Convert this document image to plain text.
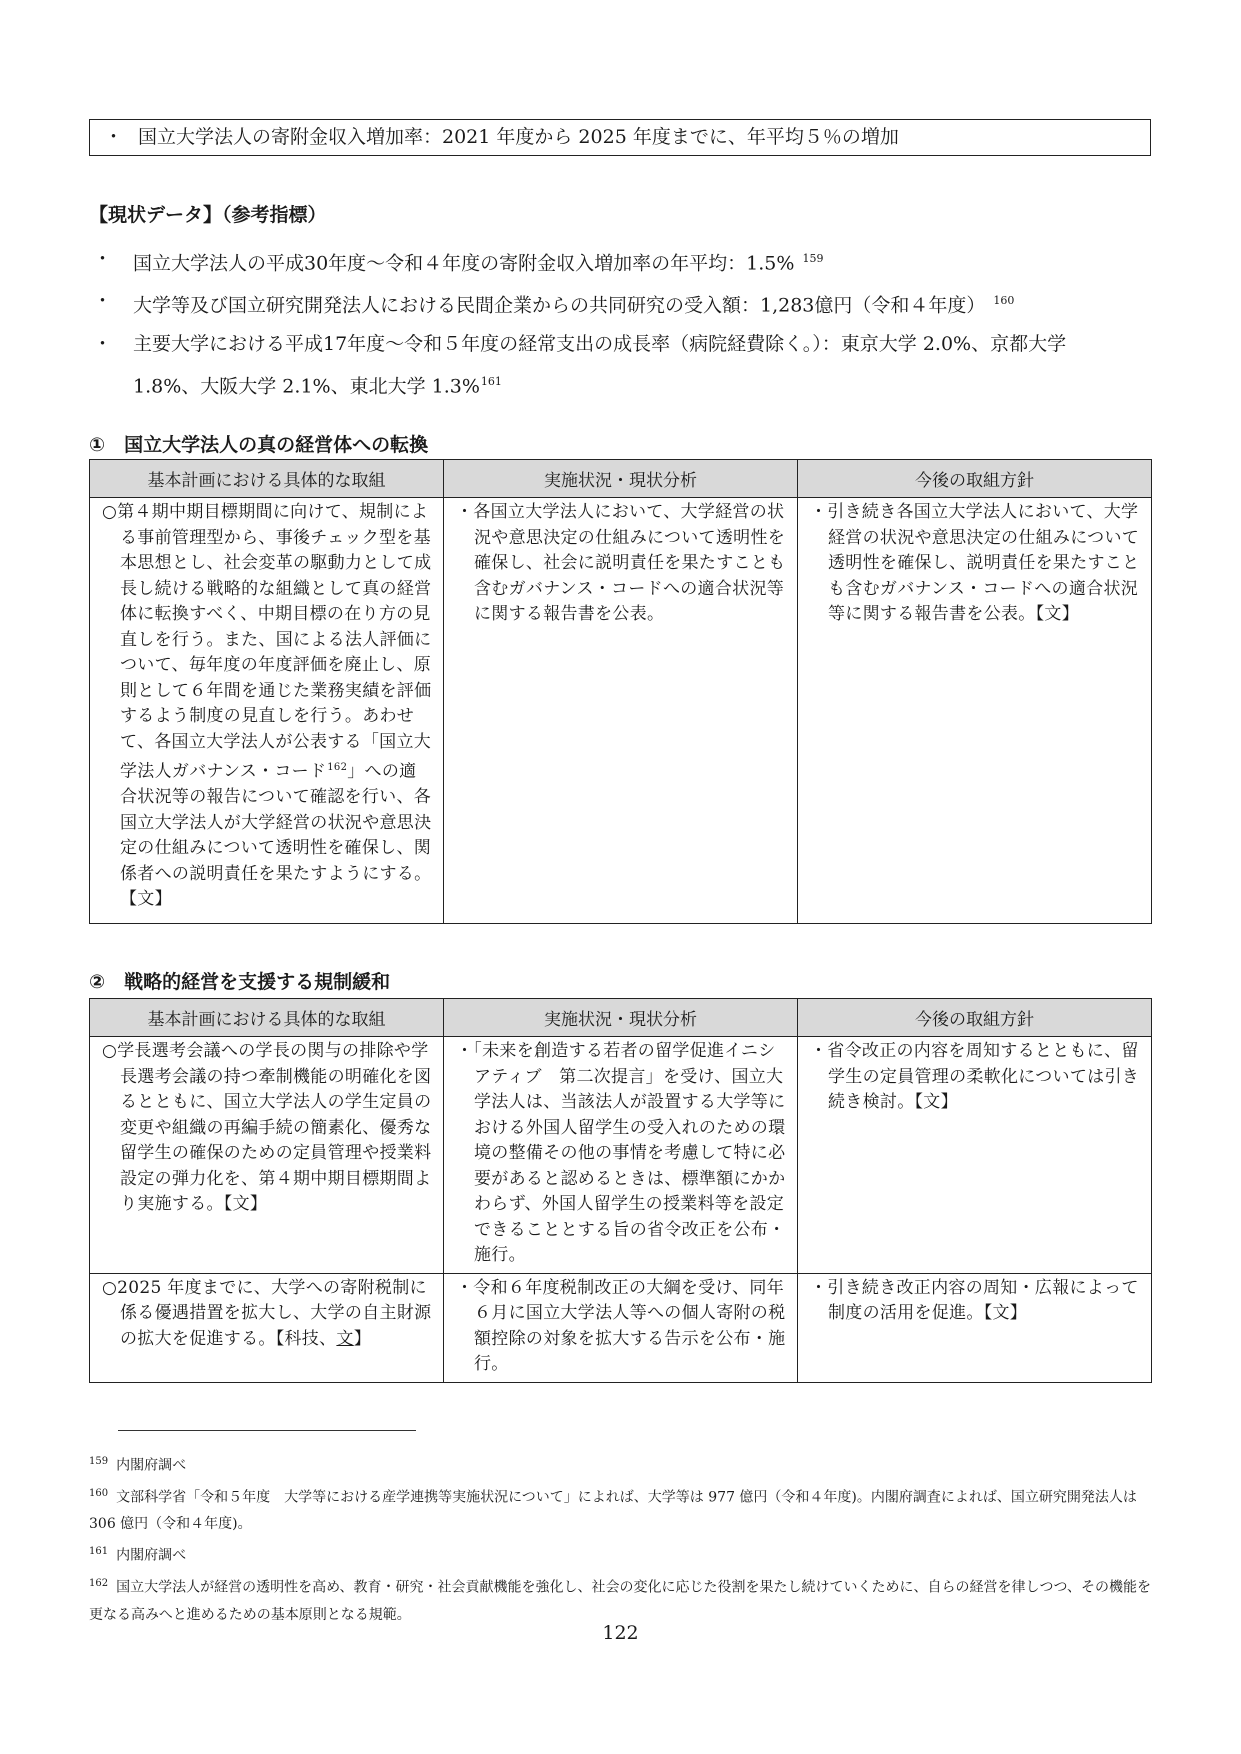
・ 国立大学法人の寄附金収入増加率：2021 年度から 2025 年度までに、年平均５％の増加
【現状データ】（参考指標）
・ 国立大学法人の平成30年度〜令和４年度の寄附金収入増加率の年平均：1.5% $^{159}$
・ 大学等及び国立研究開発法人における民間企業からの共同研究の受入額：1,283億円（令和４年度） $^{160}$
・ 主要大学における平成17年度〜令和５年度の経常支出の成長率（病院経費除く。）：東京大学 2.0%、京都大学 1.8%、大阪大学 2.1%、東北大学 1.3%$^{161}$
①　国立大学法人の真の経営体への転換
基本計画における具体的な取組	実施状況・現状分析	今後の取組方針

○第４期中期目標期間に向けて、規制による事前管理型から、事後チェック型を基本思想とし、社会変革の駆動力として成長し続ける戦略的な組織として真の経営体に転換すべく、中期目標の在り方の見直しを行う。また、国による法人評価について、毎年度の年度評価を廃止し、原則として６年間を通じた業務実績を評価するよう制度の見直しを行う。あわせて、各国立大学法人が公表する「国立大学法人ガバナンス・コード$^{162}$」への適合状況等の報告について確認を行い、各国立大学法人が大学経営の状況や意思決定の仕組みについて透明性を確保し、関係者への説明責任を果たすようにする。【文】	・各国立大学法人において、大学経営の状況や意思決定の仕組みについて透明性を確保し、社会に説明責任を果たすことも含むガバナンス・コードへの適合状況等に関する報告書を公表。	・引き続き各国立大学法人において、大学経営の状況や意思決定の仕組みについて透明性を確保し、説明責任を果たすことも含むガバナンス・コードへの適合状況等に関する報告書を公表。【文】
②　戦略的経営を支援する規制緩和
基本計画における具体的な取組	実施状況・現状分析	今後の取組方針

○学長選考会議への学長の関与の排除や学長選考会議の持つ牽制機能の明確化を図るとともに、国立大学法人の学生定員の変更や組織の再編手続の簡素化、優秀な留学生の確保のための定員管理や授業料設定の弾力化を、第４期中期目標期間より実施する。【文】	・「未来を創造する若者の留学促進イニシアティブ　第二次提言」を受け、国立大学法人は、当該法人が設置する大学等における外国人留学生の受入れのための環境の整備その他の事情を考慮して特に必要があると認めるときは、標準額にかかわらず、外国人留学生の授業料等を設定できることとする旨の省令改正を公布・施行。	・省令改正の内容を周知するとともに、留学生の定員管理の柔軟化については引き続き検討。【文】

○2025 年度までに、大学への寄附税制に係る優遇措置を拡大し、大学の自主財源の拡大を促進する。【科技、文】	・令和６年度税制改正の大綱を受け、同年６月に国立大学法人等への個人寄附の税額控除の対象を拡大する告示を公布・施行。	・引き続き改正内容の周知・広報によって制度の活用を促進。【文】

$^{159}$ 内閣府調べ

$^{160}$ 文部科学省「令和５年度　大学等における産学連携等実施状況について」によれば、大学等は 977 億円（令和４年度)。内閣府調査によれば、国立研究開発法人は 306 億円（令和４年度)。

$^{161}$ 内閣府調べ

$^{162}$ 国立大学法人が経営の透明性を高め、教育・研究・社会貢献機能を強化し、社会の変化に応じた役割を果たし続けていくために、自らの経営を律しつつ、その機能を更なる高みへと進めるための基本原則となる規範。

122
